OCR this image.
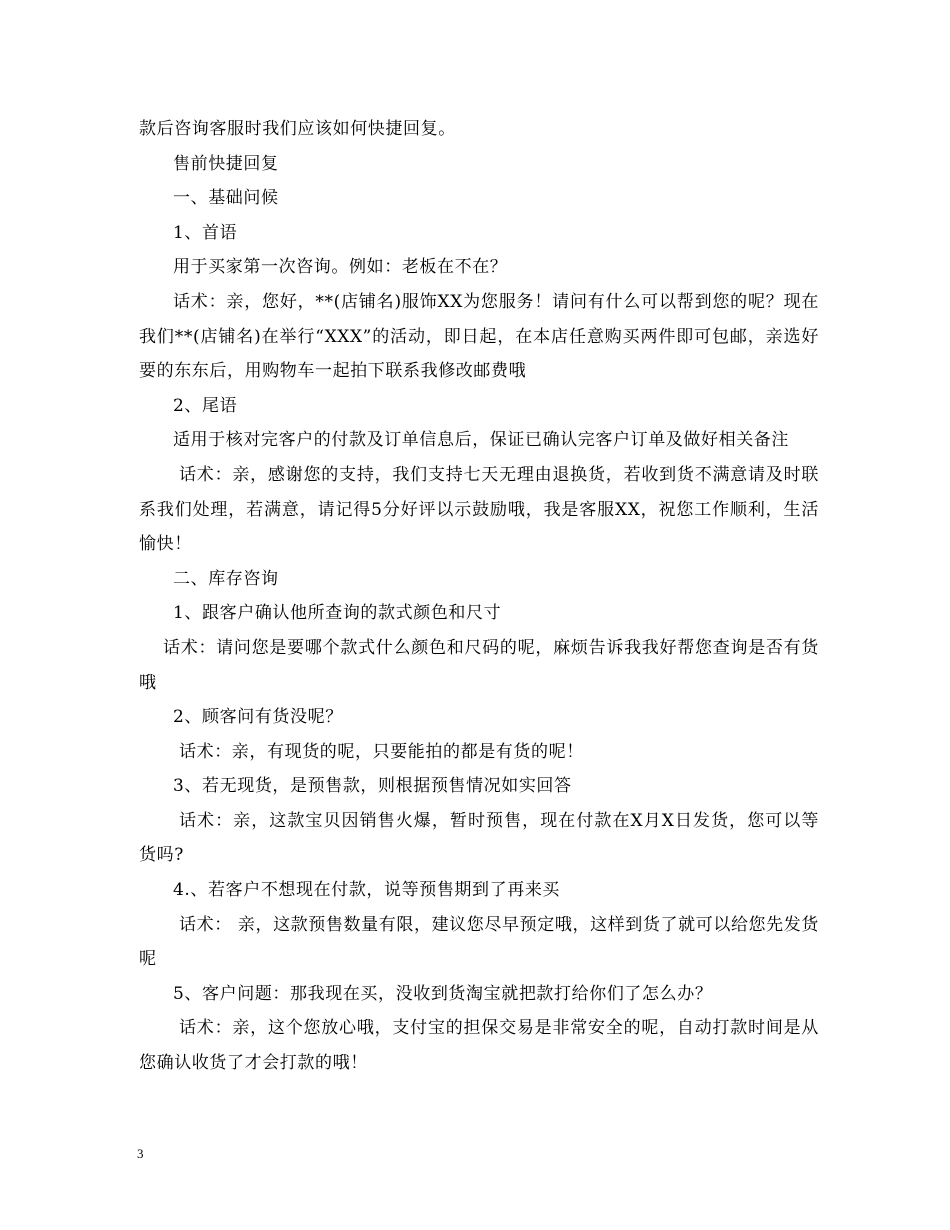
款后咨询客服时我们应该如何快捷回复。

售前快捷回复

一、基础问候

1、首语

用于买家第一次咨询。例如：老板在不在？

话术：亲，您好，**(店铺名)服饰XX为您服务！请问有什么可以帮到您的呢？现在我们**(店铺名)在举行“XXX”的活动，即日起，在本店任意购买两件即可包邮，亲选好要的东东后，用购物车一起拍下联系我修改邮费哦

2、尾语

适用于核对完客户的付款及订单信息后，保证已确认完客户订单及做好相关备注

话术：亲，感谢您的支持，我们支持七天无理由退换货，若收到货不满意请及时联系我们处理，若满意，请记得5分好评以示鼓励哦，我是客服XX，祝您工作顺利，生活愉快！

二、库存咨询

1、跟客户确认他所查询的款式颜色和尺寸

话术：请问您是要哪个款式什么颜色和尺码的呢，麻烦告诉我我好帮您查询是否有货哦

2、顾客问有货没呢？

话术：亲，有现货的呢，只要能拍的都是有货的呢！

3、若无现货，是预售款，则根据预售情况如实回答

话术：亲，这款宝贝因销售火爆，暂时预售，现在付款在X月X日发货，您可以等货吗?

4.、若客户不想现在付款，说等预售期到了再来买

话术： 亲，这款预售数量有限，建议您尽早预定哦，这样到货了就可以给您先发货呢

5、客户问题：那我现在买，没收到货淘宝就把款打给你们了怎么办？

话术：亲，这个您放心哦，支付宝的担保交易是非常安全的呢，自动打款时间是从您确认收货了才会打款的哦！

3
